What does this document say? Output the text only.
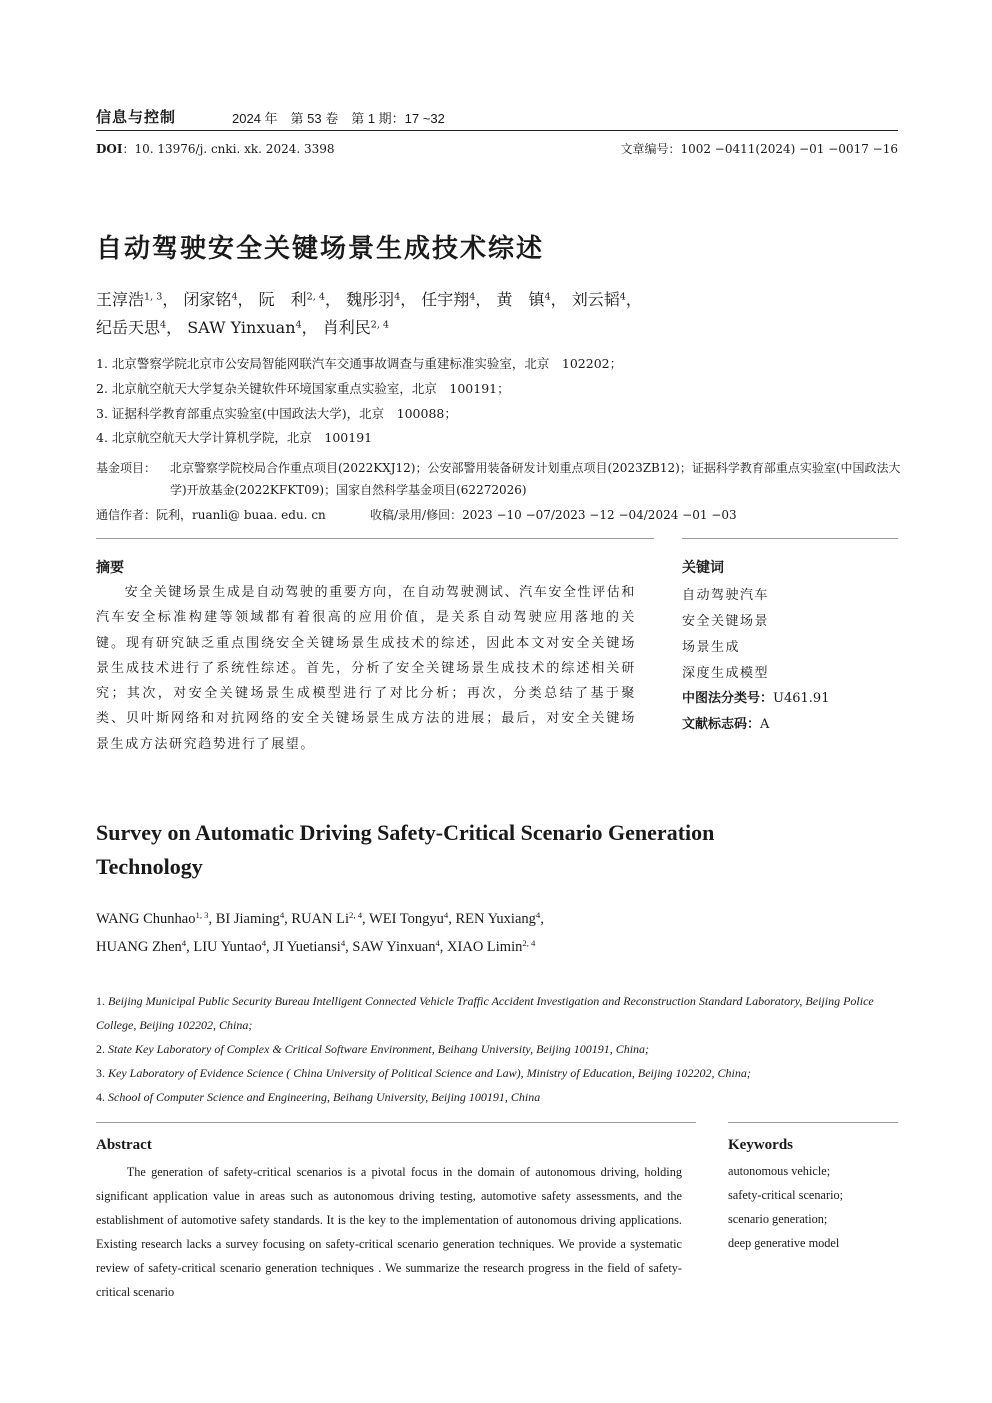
信息与控制	2024 年　第 53 卷　第 1 期：17 ~32
DOI：10. 13976/j. cnki. xk. 2024. 3398	文章编号：1002 −0411(2024) −01 −0017 −16
自动驾驶安全关键场景生成技术综述
王淳浩$^{1, 3}$， 闭家铭$^4$， 阮　利$^{2, 4}$， 魏彤羽$^4$， 任宇翔$^4$， 黄　镇$^4$， 刘云韬$^4$，
纪岳天思$^4$， SAW Yinxuan$^4$， 肖利民$^{2, 4}$
1. 北京警察学院北京市公安局智能网联汽车交通事故调查与重建标准实验室，北京　102202；
2. 北京航空航天大学复杂关键软件环境国家重点实验室，北京　100191；
3. 证据科学教育部重点实验室(中国政法大学)，北京　100088；
4. 北京航空航天大学计算机学院，北京　100191
基金项目： 北京警察学院校局合作重点项目(2022KXJ12)；公安部警用装备研发计划重点项目(2023ZB12)；证据科学教育部重点实验室(中国政法大学)开放基金(2022KFKT09)；国家自然科学基金项目(62272026)
通信作者：阮利，ruanli@ buaa. edu. cn	收稿/录用/修回：2023 −10 −07/2023 −12 −04/2024 −01 −03
摘要
安全关键场景生成是自动驾驶的重要方向，在自动驾驶测试、汽车安全性评估和汽车安全标准构建等领域都有着很高的应用价值，是关系自动驾驶应用落地的关键。现有研究缺乏重点围绕安全关键场景生成技术的综述，因此本文对安全关键场景生成技术进行了系统性综述。首先，分析了安全关键场景生成技术的综述相关研究；其次，对安全关键场景生成模型进行了对比分析；再次，分类总结了基于聚类、贝叶斯网络和对抗网络的安全关键场景生成方法的进展；最后，对安全关键场景生成方法研究趋势进行了展望。
关键词
自动驾驶汽车
安全关键场景
场景生成
深度生成模型
中图法分类号：U461.91
文献标志码：A
Survey on Automatic Driving Safety-Critical Scenario Generation Technology
WANG Chunhao$^{1, 3}$, BI Jiaming$^4$, RUAN Li$^{2, 4}$, WEI Tongyu$^4$, REN Yuxiang$^4$,
HUANG Zhen$^4$, LIU Yuntao$^4$, JI Yuetiansi$^4$, SAW Yinxuan$^4$, XIAO Limin$^{2, 4}$
1. Beijing Municipal Public Security Bureau Intelligent Connected Vehicle Traffic Accident Investigation and Reconstruction Standard Laboratory, Beijing Police College, Beijing 102202, China;
2. State Key Laboratory of Complex & Critical Software Environment, Beihang University, Beijing 100191, China;
3. Key Laboratory of Evidence Science ( China University of Political Science and Law), Ministry of Education, Beijing 102202, China;
4. School of Computer Science and Engineering, Beihang University, Beijing 100191, China
Abstract
The generation of safety-critical scenarios is a pivotal focus in the domain of autonomous driving, holding significant application value in areas such as autonomous driving testing, automotive safety assessments, and the establishment of automotive safety standards. It is the key to the implementation of autonomous driving applications. Existing research lacks a survey focusing on safety-critical scenario generation techniques. We provide a systematic review of safety-critical scenario generation techniques . We summarize the research progress in the field of safety-critical scenario
Keywords
autonomous vehicle;
safety-critical scenario;
scenario generation;
deep generative model
